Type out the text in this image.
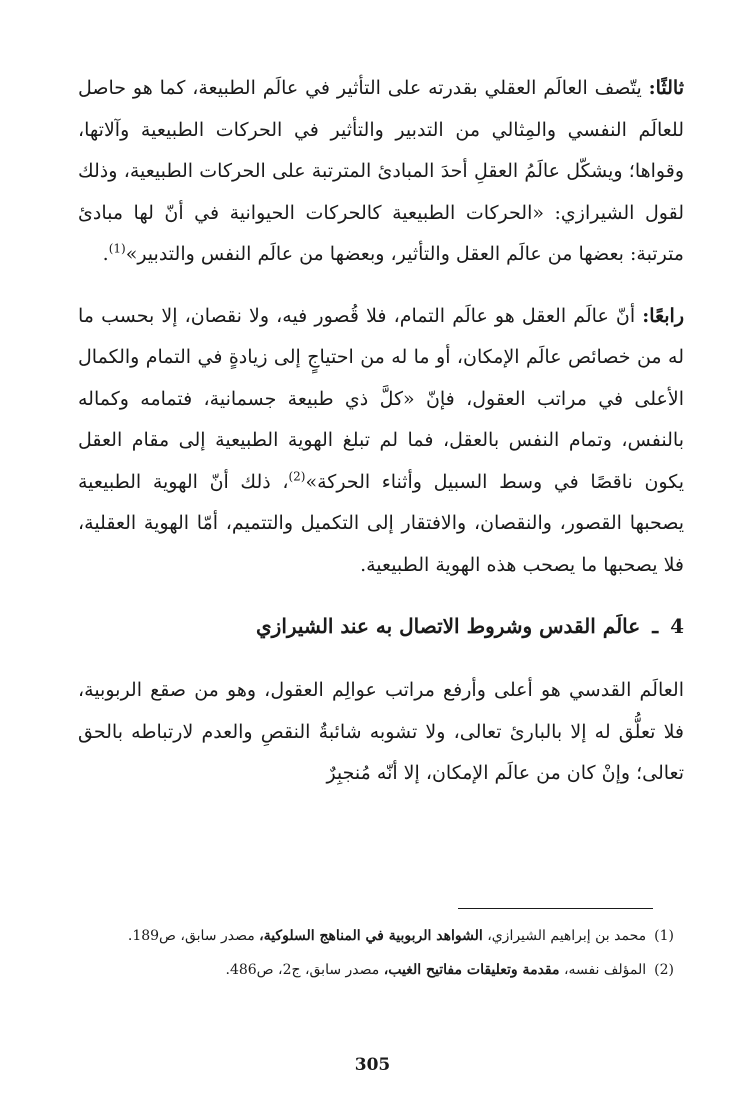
ثالثًا: يتّصف العالَم العقلي بقدرته على التأثير في عالَم الطبيعة، كما هو حاصل للعالَم النفسي والمِثالي من التدبير والتأثير في الحركات الطبيعية وآلاتها، وقواها؛ ويشكّل عالَمُ العقلِ أحدَ المبادئ المترتبة على الحركات الطبيعية، وذلك لقول الشيرازي: «الحركات الطبيعية كالحركات الحيوانية في أنّ لها مبادئ مترتبة: بعضها من عالَم العقل والتأثير، وبعضها من عالَم النفس والتدبير»$^{(1)}$.

رابعًا: أنّ عالَم العقل هو عالَم التمام، فلا قُصور فيه، ولا نقصان، إلا بحسب ما له من خصائص عالَم الإمكان، أو ما له من احتياجٍ إلى زيادةٍ في التمام والكمال الأعلى في مراتب العقول، فإنّ «كلَّ ذي طبيعة جسمانية، فتمامه وكماله بالنفس، وتمام النفس بالعقل، فما لم تبلغ الهوية الطبيعية إلى مقام العقل يكون ناقصًا في وسط السبيل وأثناء الحركة»$^{(2)}$، ذلك أنّ الهوية الطبيعية يصحبها القصور، والنقصان، والافتقار إلى التكميل والتتميم، أمّا الهوية العقلية، فلا يصحبها ما يصحب هذه الهوية الطبيعية.

4
ـ
عالَم القدس وشروط الاتصال به عند الشيرازي

العالَم القدسي هو أعلى وأرفع مراتب عوالِم العقول، وهو من صقع الربوبية، فلا تعلُّق له إلا بالبارئ تعالى، ولا تشوبه شائبةُ النقصِ والعدم لارتباطه بالحق تعالى؛ وإنْ كان من عالَم الإمكان، إلا أنّه مُنجبِرٌ

(1)
محمد بن إبراهيم الشيرازي، الشواهد الربوبية في المناهج السلوكية، مصدر سابق، ص189.
(2)
المؤلف نفسه، مقدمة وتعليقات مفاتيح الغيب، مصدر سابق، ج2، ص486.
305
